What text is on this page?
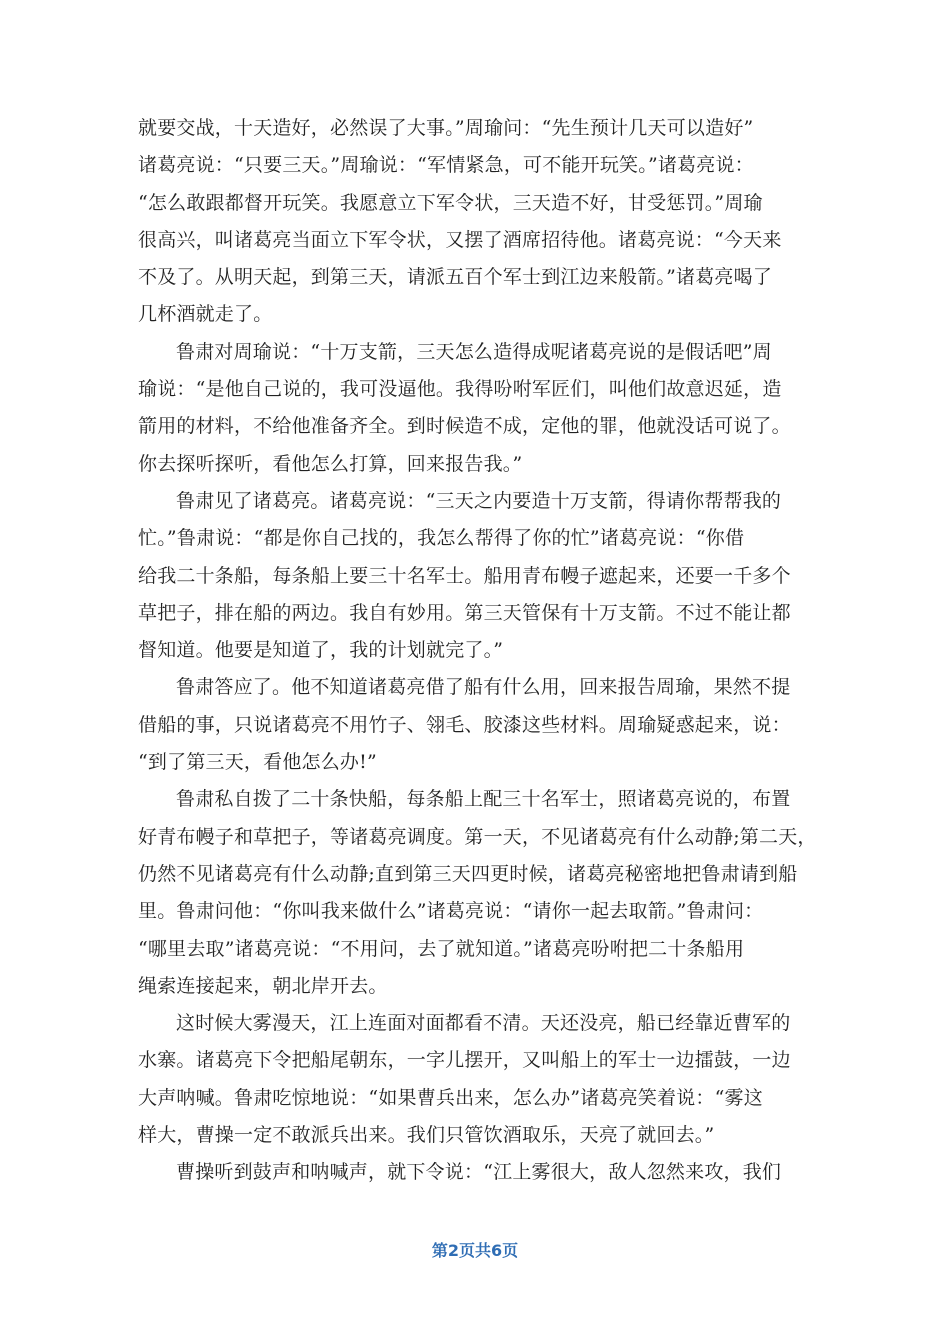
就要交战，十天造好，必然误了大事。”周瑜问：“先生预计几天可以造好”
诸葛亮说：“只要三天。”周瑜说：“军情紧急，可不能开玩笑。”诸葛亮说：
“怎么敢跟都督开玩笑。我愿意立下军令状，三天造不好，甘受惩罚。”周瑜
很高兴，叫诸葛亮当面立下军令状，又摆了酒席招待他。诸葛亮说：“今天来
不及了。从明天起，到第三天，请派五百个军士到江边来般箭。”诸葛亮喝了
几杯酒就走了。
鲁肃对周瑜说：“十万支箭，三天怎么造得成呢诸葛亮说的是假话吧”周
瑜说：“是他自己说的，我可没逼他。我得吩咐军匠们，叫他们故意迟延，造
箭用的材料，不给他准备齐全。到时候造不成，定他的罪，他就没话可说了。
你去探听探听，看他怎么打算，回来报告我。”
鲁肃见了诸葛亮。诸葛亮说：“三天之内要造十万支箭，得请你帮帮我的
忙。”鲁肃说：“都是你自己找的，我怎么帮得了你的忙”诸葛亮说：“你借
给我二十条船，每条船上要三十名军士。船用青布幔子遮起来，还要一千多个
草把子，排在船的两边。我自有妙用。第三天管保有十万支箭。不过不能让都
督知道。他要是知道了，我的计划就完了。”
鲁肃答应了。他不知道诸葛亮借了船有什么用，回来报告周瑜，果然不提
借船的事，只说诸葛亮不用竹子、翎毛、胶漆这些材料。周瑜疑惑起来，说：
“到了第三天，看他怎么办!”
鲁肃私自拨了二十条快船，每条船上配三十名军士，照诸葛亮说的，布置
好青布幔子和草把子，等诸葛亮调度。第一天，不见诸葛亮有什么动静;第二天，
仍然不见诸葛亮有什么动静;直到第三天四更时候，诸葛亮秘密地把鲁肃请到船
里。鲁肃问他：“你叫我来做什么”诸葛亮说：“请你一起去取箭。”鲁肃问：
“哪里去取”诸葛亮说：“不用问，去了就知道。”诸葛亮吩咐把二十条船用
绳索连接起来，朝北岸开去。
这时候大雾漫天，江上连面对面都看不清。天还没亮，船已经靠近曹军的
水寨。诸葛亮下令把船尾朝东，一字儿摆开，又叫船上的军士一边擂鼓，一边
大声呐喊。鲁肃吃惊地说：“如果曹兵出来，怎么办”诸葛亮笑着说：“雾这
样大，曹操一定不敢派兵出来。我们只管饮酒取乐，天亮了就回去。”
曹操听到鼓声和呐喊声，就下令说：“江上雾很大，敌人忽然来攻，我们
第2页共6页
